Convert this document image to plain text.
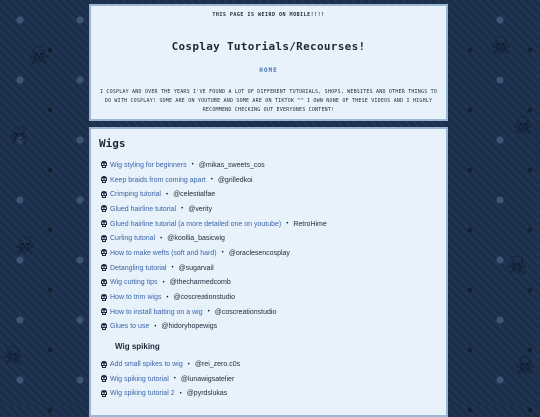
☠
☠
☠
☠
☠
☠
☠	☠
THIS PAGE IS WEIRD ON MOBILE!!!!
Cosplay Tutorials/Recourses!
HOME
I COSPLAY AND OVER THE YEARS I'VE FOUND A LOT OF DIFFERENT TUTORIALS, SHOPS, WEBSITES AND OTHER THINGS TO DO WITH COSPLAY! SOME ARE ON YOUTUBE AND SOME ARE ON TIKTOK ^^ I OWN NONE OF THESE VIDEOS AND I HIGHLY RECOMMEND CHECKING OUT EVERYONES CONTENT!
Wigs
Wig styling for beginners • @mikas_sweets_cos
Keep braids from coming apart • @grilledkoi
Crimping tutorial • @celestialfae
Glued hairline tutorial • @verity
Glued hairline tutorial (a more detailed one on youtube) • RetroHime
Curling tutorial • @koollia_basicwig
How to make wefts (soft and hard) • @oraclesencosplay
Detangling tutorial • @sugarvail
Wig cutting tips • @thecharmedcomb
How to trim wigs • @coscreationstudio
How to install batting on a wig • @coscreationstudio
Glues to use • @hidoryhopewigs
Wig spiking
Add small spikes to wig • @rei_zero.c0s
Wig spiking tutorial • @lunawigsatelier
Wig spiking tutorial 2 • @pyrdslukas
